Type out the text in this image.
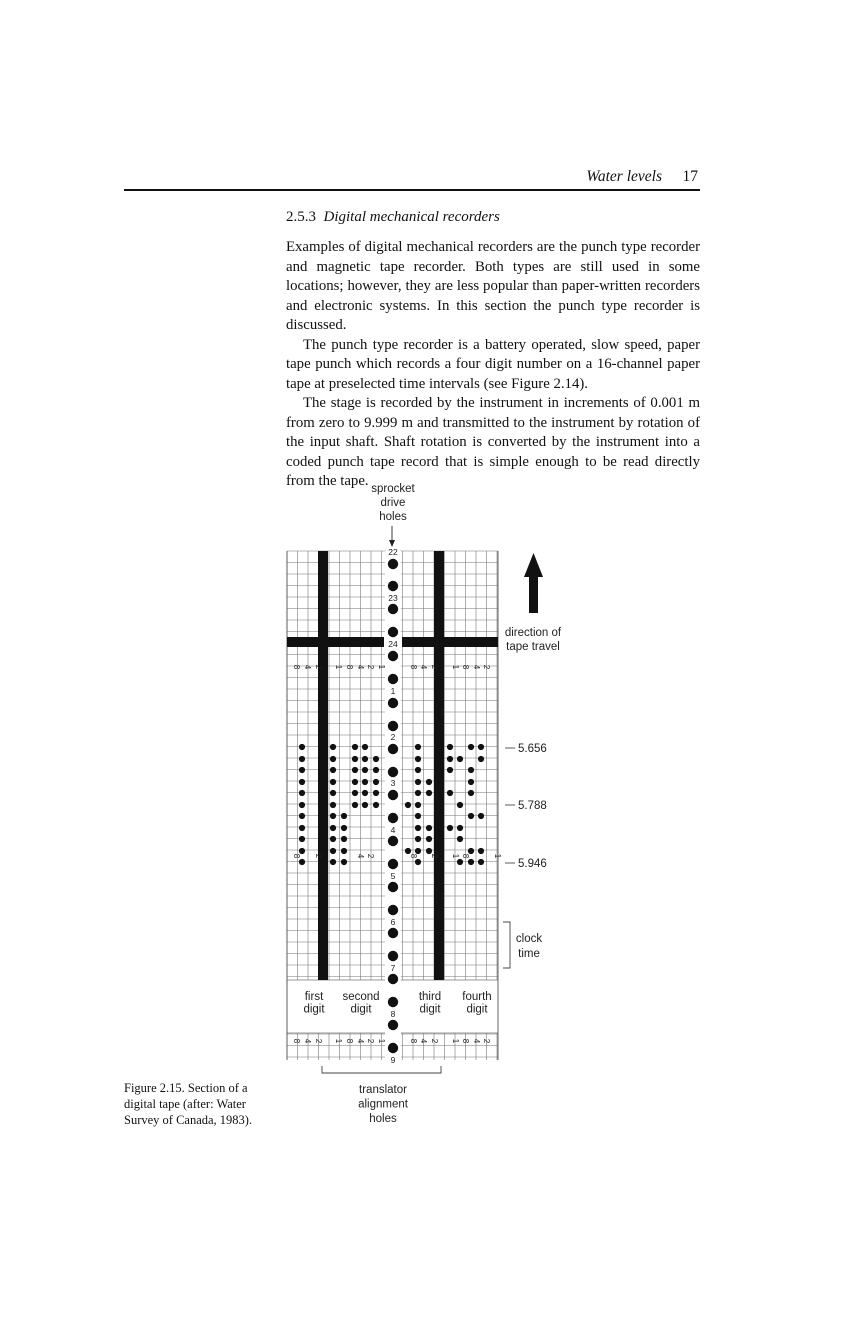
Water levels 17
2.5.3 Digital mechanical recorders

Examples of digital mechanical recorders are the punch type recorder and magnetic tape recorder. Both types are still used in some locations; however, they are less popular than paper-written recorders and electronic systems. In this section the punch type recorder is discussed.

The punch type recorder is a battery operated, slow speed, paper tape punch which records a four digit number on a 16-channel paper tape at preselected time intervals (see Figure 2.14).

The stage is recorded by the instrument in increments of 0.001 m from zero to 9.999 m and transmitted to the instrument by rotation of the input shaft. Shaft rotation is converted by the instrument into a coded punch tape record that is simple enough to be read directly from the tape.

22
23
24
1
2
3
4
5
6
7
8
9
8 4 2 1 8 4 2 1	8 4 2 1 8 4 2
8 4 2 1 8 4 2 1	8 4 2 1 8 4 2
8 2	4 2	8 2 1 8	1
sprocket
drive
holes
direction of
tape travel
5.656
5.788
5.946
clock
time
first
digit
second
digit
third
digit
fourth
digit
translator
alignment
holes
Figure 2.15. Section of a digital tape (after: Water Survey of Canada, 1983).
